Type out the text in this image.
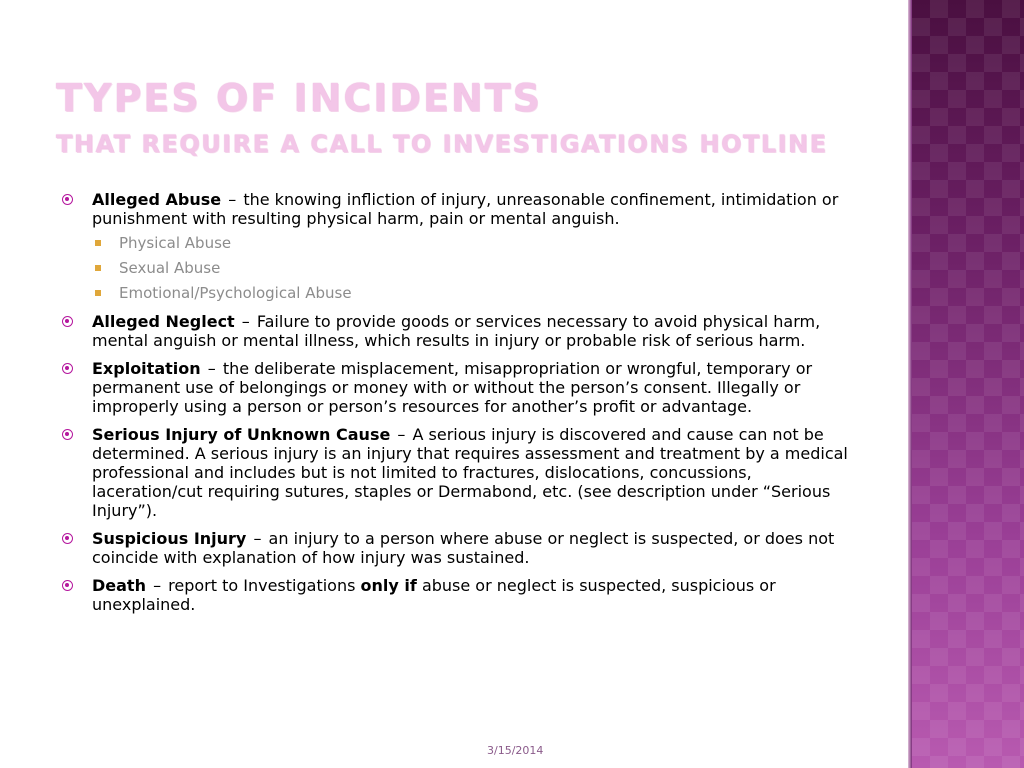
TYPES OF INCIDENTS
THAT REQUIRE A CALL TO INVESTIGATIONS HOTLINE
Alleged Abuse – the knowing infliction of injury, unreasonable confinement, intimidation or punishment with resulting physical harm, pain or mental anguish.
Physical Abuse
Sexual Abuse
Emotional/Psychological Abuse
Alleged Neglect – Failure to provide goods or services necessary to avoid physical harm, mental anguish or mental illness, which results in injury or probable risk of serious harm.
Exploitation – the deliberate misplacement, misappropriation or wrongful, temporary or permanent use of belongings or money with or without the person’s consent. Illegally or improperly using a person or person’s resources for another’s profit or advantage.
Serious Injury of Unknown Cause – A serious injury is discovered and cause can not be determined. A serious injury is an injury that requires assessment and treatment by a medical professional and includes but is not limited to fractures, dislocations, concussions, laceration/cut requiring sutures, staples or Dermabond, etc. (see description under “Serious Injury”).
Suspicious Injury – an injury to a person where abuse or neglect is suspected, or does not coincide with explanation of how injury was sustained.
Death – report to Investigations only if abuse or neglect is suspected, suspicious or unexplained.
3/15/2014
